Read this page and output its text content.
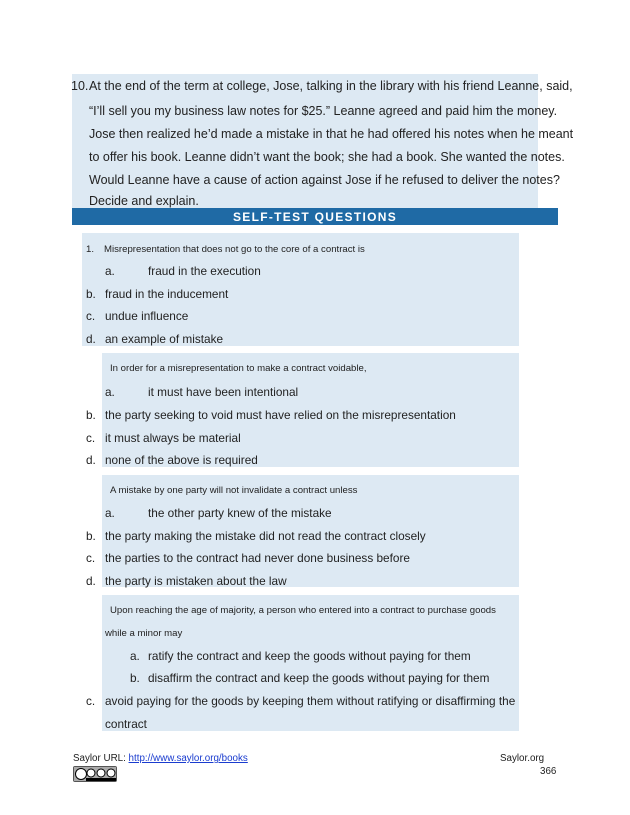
10. At the end of the term at college, Jose, talking in the library with his friend Leanne, said,
“I’ll sell you my business law notes for $25.” Leanne agreed and paid him the money.
Jose then realized he’d made a mistake in that he had offered his notes when he meant
to offer his book. Leanne didn’t want the book; she had a book. She wanted the notes.
Would Leanne have a cause of action against Jose if he refused to deliver the notes?
Decide and explain.
SELF-TEST QUESTIONS
1. Misrepresentation that does not go to the core of a contract is
a.	fraud in the execution
b. fraud in the inducement
c. undue influence
d. an example of mistake
In order for a misrepresentation to make a contract voidable,
a.	it must have been intentional
b. the party seeking to void must have relied on the misrepresentation
c. it must always be material
d. none of the above is required
A mistake by one party will not invalidate a contract unless
a.	the other party knew of the mistake
b. the party making the mistake did not read the contract closely
c. the parties to the contract had never done business before
d. the party is mistaken about the law
Upon reaching the age of majority, a person who entered into a contract to purchase goods
while a minor may
a. ratify the contract and keep the goods without paying for them
b. disaffirm the contract and keep the goods without paying for them
c. avoid paying for the goods by keeping them without ratifying or disaffirming the
contract
Saylor URL: http://www.saylor.org/books	Saylor.org
366
